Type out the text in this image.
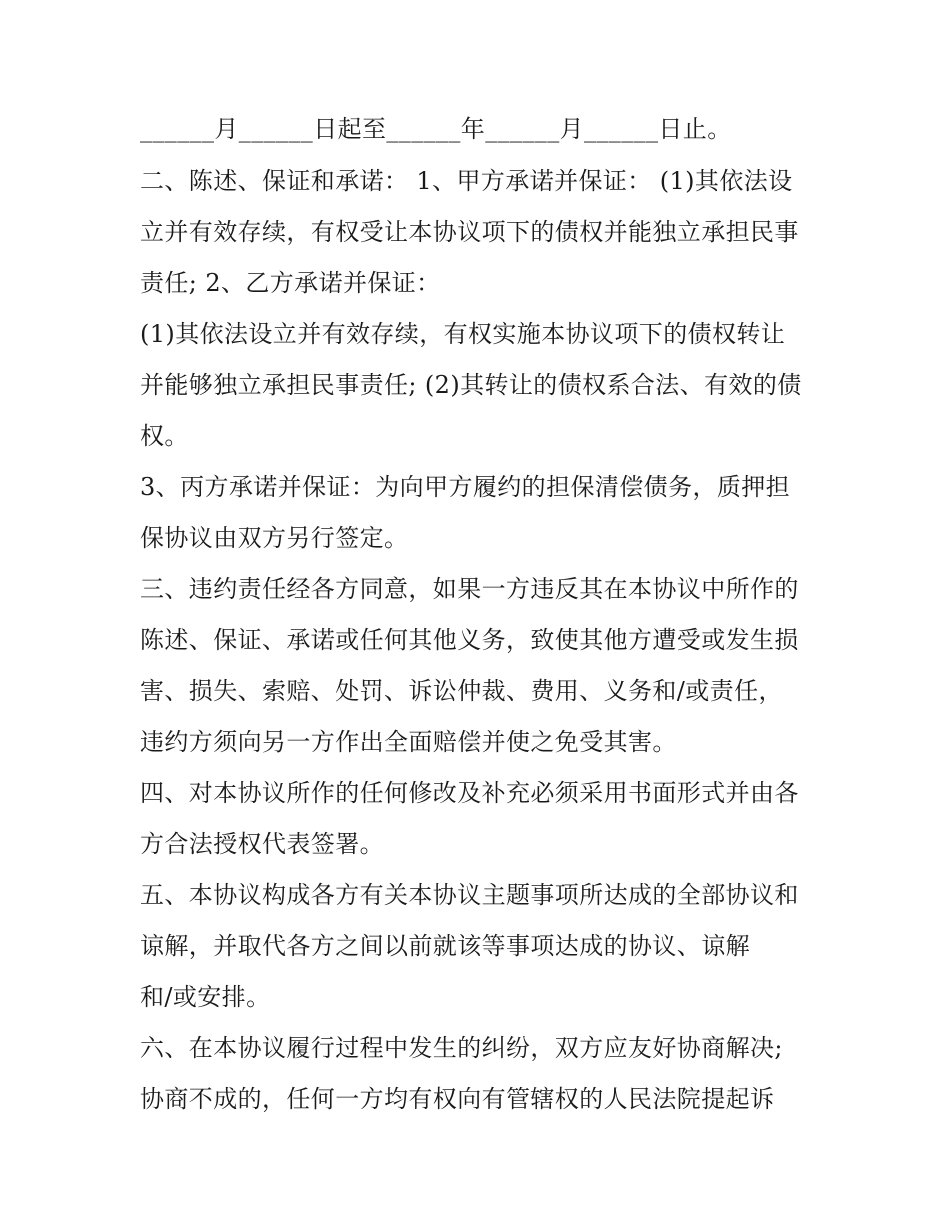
______月______日起至______年______月______日止。
二、陈述、保证和承诺： 1、甲方承诺并保证： (1)其依法设
立并有效存续，有权受让本协议项下的债权并能独立承担民事
责任; 2、乙方承诺并保证：
(1)其依法设立并有效存续，有权实施本协议项下的债权转让
并能够独立承担民事责任; (2)其转让的债权系合法、有效的债
权。
3、丙方承诺并保证：为向甲方履约的担保清偿债务，质押担
保协议由双方另行签定。
三、违约责任经各方同意，如果一方违反其在本协议中所作的
陈述、保证、承诺或任何其他义务，致使其他方遭受或发生损
害、损失、索赔、处罚、诉讼仲裁、费用、义务和/或责任，
违约方须向另一方作出全面赔偿并使之免受其害。
四、对本协议所作的任何修改及补充必须采用书面形式并由各
方合法授权代表签署。
五、本协议构成各方有关本协议主题事项所达成的全部协议和
谅解，并取代各方之间以前就该等事项达成的协议、谅解
和/或安排。
六、在本协议履行过程中发生的纠纷，双方应友好协商解决;
协商不成的，任何一方均有权向有管辖权的人民法院提起诉
